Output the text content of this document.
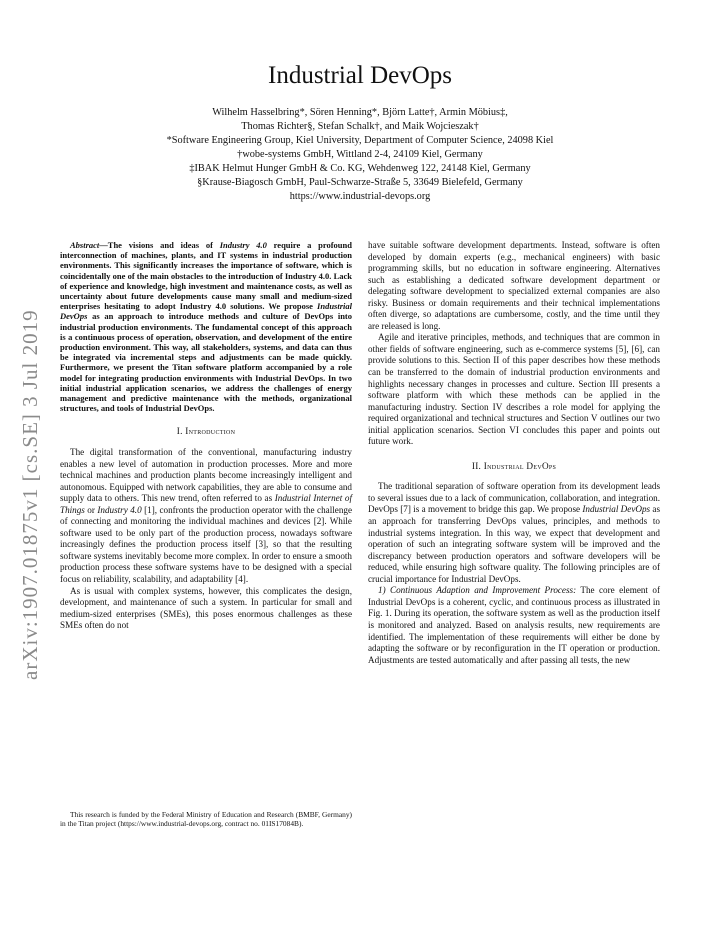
arXiv:1907.01875v1 [cs.SE] 3 Jul 2019
Industrial DevOps
Wilhelm Hasselbring*, Sören Henning*, Björn Latte†, Armin Möbius‡,
Thomas Richter§, Stefan Schalk†, and Maik Wojcieszak†
*Software Engineering Group, Kiel University, Department of Computer Science, 24098 Kiel
†wobe-systems GmbH, Wittland 2-4, 24109 Kiel, Germany
‡IBAK Helmut Hunger GmbH & Co. KG, Wehdenweg 122, 24148 Kiel, Germany
§Krause-Biagosch GmbH, Paul-Schwarze-Straße 5, 33649 Bielefeld, Germany
https://www.industrial-devops.org

Abstract—The visions and ideas of Industry 4.0 require a profound interconnection of machines, plants, and IT systems in industrial production environments. This significantly increases the importance of software, which is coincidentally one of the main obstacles to the introduction of Industry 4.0. Lack of experience and knowledge, high investment and maintenance costs, as well as uncertainty about future developments cause many small and medium-sized enterprises hesitating to adopt Industry 4.0 solutions. We propose Industrial DevOps as an approach to introduce methods and culture of DevOps into industrial production environments. The fundamental concept of this approach is a continuous process of operation, observation, and development of the entire production environment. This way, all stakeholders, systems, and data can thus be integrated via incremental steps and adjustments can be made quickly. Furthermore, we present the Titan software platform accompanied by a role model for integrating production environments with Industrial DevOps. In two initial industrial application scenarios, we address the challenges of energy management and predictive maintenance with the methods, organizational structures, and tools of Industrial DevOps.

I. Introduction

The digital transformation of the conventional, manufacturing industry enables a new level of automation in production processes. More and more technical machines and production plants become increasingly intelligent and autonomous. Equipped with network capabilities, they are able to consume and supply data to others. This new trend, often referred to as Industrial Internet of Things or Industry 4.0 [1], confronts the production operator with the challenge of connecting and monitoring the individual machines and devices [2]. While software used to be only part of the production process, nowadays software increasingly defines the production process itself [3], so that the resulting software systems inevitably become more complex. In order to ensure a smooth production process these software systems have to be designed with a special focus on reliability, scalability, and adaptability [4].

As is usual with complex systems, however, this complicates the design, development, and maintenance of such a system. In particular for small and medium-sized enterprises (SMEs), this poses enormous challenges as these SMEs often do not

This research is funded by the Federal Ministry of Education and Research (BMBF, Germany) in the Titan project (https://www.industrial-devops.org, contract no. 01IS17084B).

have suitable software development departments. Instead, software is often developed by domain experts (e.g., mechanical engineers) with basic programming skills, but no education in software engineering. Alternatives such as establishing a dedicated software development department or delegating software development to specialized external companies are also risky. Business or domain requirements and their technical implementations often diverge, so adaptations are cumbersome, costly, and the time until they are released is long.

Agile and iterative principles, methods, and techniques that are common in other fields of software engineering, such as e-commerce systems [5], [6], can provide solutions to this. Section II of this paper describes how these methods can be transferred to the domain of industrial production environments and highlights necessary changes in processes and culture. Section III presents a software platform with which these methods can be applied in the manufacturing industry. Section IV describes a role model for applying the required organizational and technical structures and Section V outlines our two initial application scenarios. Section VI concludes this paper and points out future work.

II. Industrial DevOps

The traditional separation of software operation from its development leads to several issues due to a lack of communication, collaboration, and integration. DevOps [7] is a movement to bridge this gap. We propose Industrial DevOps as an approach for transferring DevOps values, principles, and methods to industrial systems integration. In this way, we expect that development and operation of such an integrating software system will be improved and the discrepancy between production operators and software developers will be reduced, while ensuring high software quality. The following principles are of crucial importance for Industrial DevOps.

1) Continuous Adaption and Improvement Process: The core element of Industrial DevOps is a coherent, cyclic, and continuous process as illustrated in Fig. 1. During its operation, the software system as well as the production itself is monitored and analyzed. Based on analysis results, new requirements are identified. The implementation of these requirements will either be done by adapting the software or by reconfiguration in the IT operation or production. Adjustments are tested automatically and after passing all tests, the new
